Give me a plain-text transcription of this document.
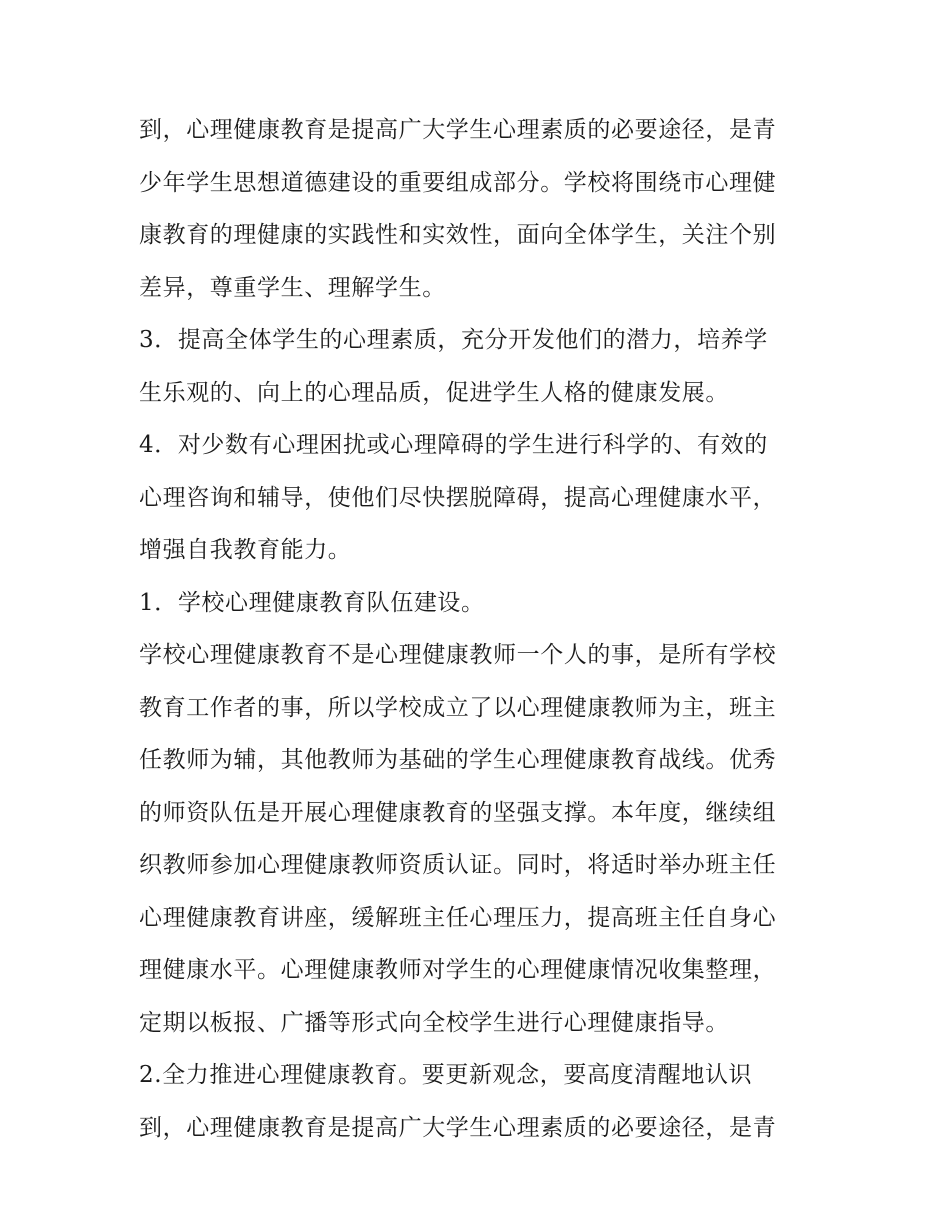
到，心理健康教育是提高广大学生心理素质的必要途径，是青
少年学生思想道德建设的重要组成部分。学校将围绕市心理健
康教育的理健康的实践性和实效性，面向全体学生，关注个别
差异，尊重学生、理解学生。
3．提高全体学生的心理素质，充分开发他们的潜力，培养学
生乐观的、向上的心理品质，促进学生人格的健康发展。
4．对少数有心理困扰或心理障碍的学生进行科学的、有效的
心理咨询和辅导，使他们尽快摆脱障碍，提高心理健康水平，
增强自我教育能力。
1．学校心理健康教育队伍建设。
学校心理健康教育不是心理健康教师一个人的事，是所有学校
教育工作者的事，所以学校成立了以心理健康教师为主，班主
任教师为辅，其他教师为基础的学生心理健康教育战线。优秀
的师资队伍是开展心理健康教育的坚强支撑。本年度，继续组
织教师参加心理健康教师资质认证。同时，将适时举办班主任
心理健康教育讲座，缓解班主任心理压力，提高班主任自身心
理健康水平。心理健康教师对学生的心理健康情况收集整理，
定期以板报、广播等形式向全校学生进行心理健康指导。
2.全力推进心理健康教育。要更新观念，要高度清醒地认识
到，心理健康教育是提高广大学生心理素质的必要途径，是青
